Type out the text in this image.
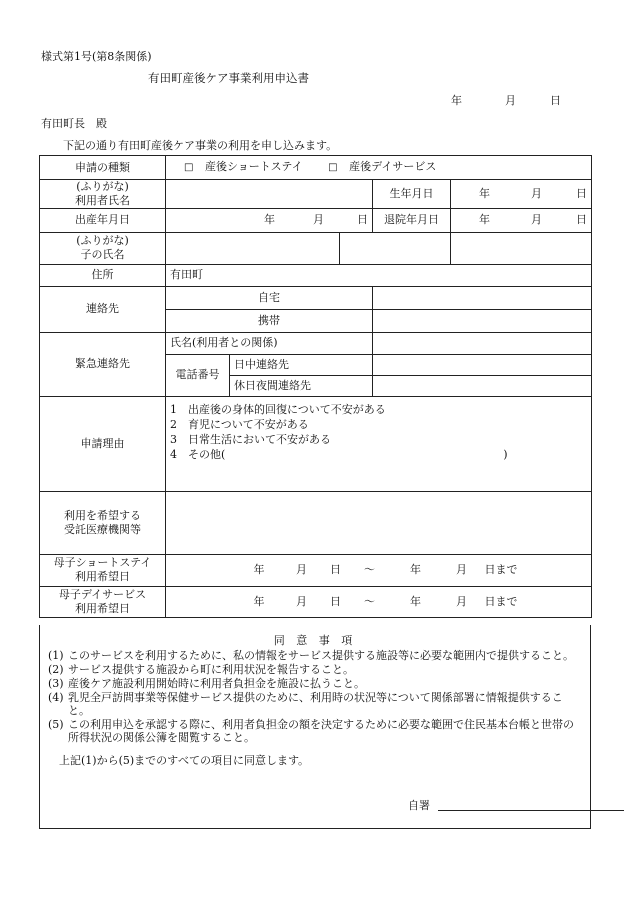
様式第1号(第8条関係)
有田町産後ケア事業利用申込書
年	月	日
有田町長　殿
下記の通り有田町産後ケア事業の利用を申し込みます。
申請の種類	□ 産後ショートステイ □ 産後デイサービス				

(ふりがな)
利用者氏名				生年月日	年 月 日
出産年月日	年 月 日			退院年月日	年 月 日

(ふりがな)
子の氏名					

住所	有田町				
連絡先	自宅				
	携帯				
緊急連絡先	氏名(利用者との関係)				
	電話番号	日中連絡先			
		休日夜間連絡先			
申請理由	1　出産後の身体的回復について不安がある
2　育児について不安がある
3　日常生活において不安がある
4　その他( )				

利用を希望する
受託医療機関等					

母子ショートステイ
利用希望日	年 月 日 ～ 年 月 日まで				

母子デイサービス
利用希望日	年 月 日 ～ 年 月 日まで				
同 意 事 項
(1) このサービスを利用するために、私の情報をサービス提供する施設等に必要な範囲内で提供すること。
(2) サービス提供する施設から町に利用状況を報告すること。
(3) 産後ケア施設利用開始時に利用者負担金を施設に払うこと。
(4) 乳児全戸訪問事業等保健サービス提供のために、利用時の状況等について関係部署に情報提供すること。
(5) この利用申込を承認する際に、利用者負担金の額を決定するために必要な範囲で住民基本台帳と世帯の所得状況の関係公簿を閲覧すること。
上記(1)から(5)までのすべての項目に同意します。
自署
